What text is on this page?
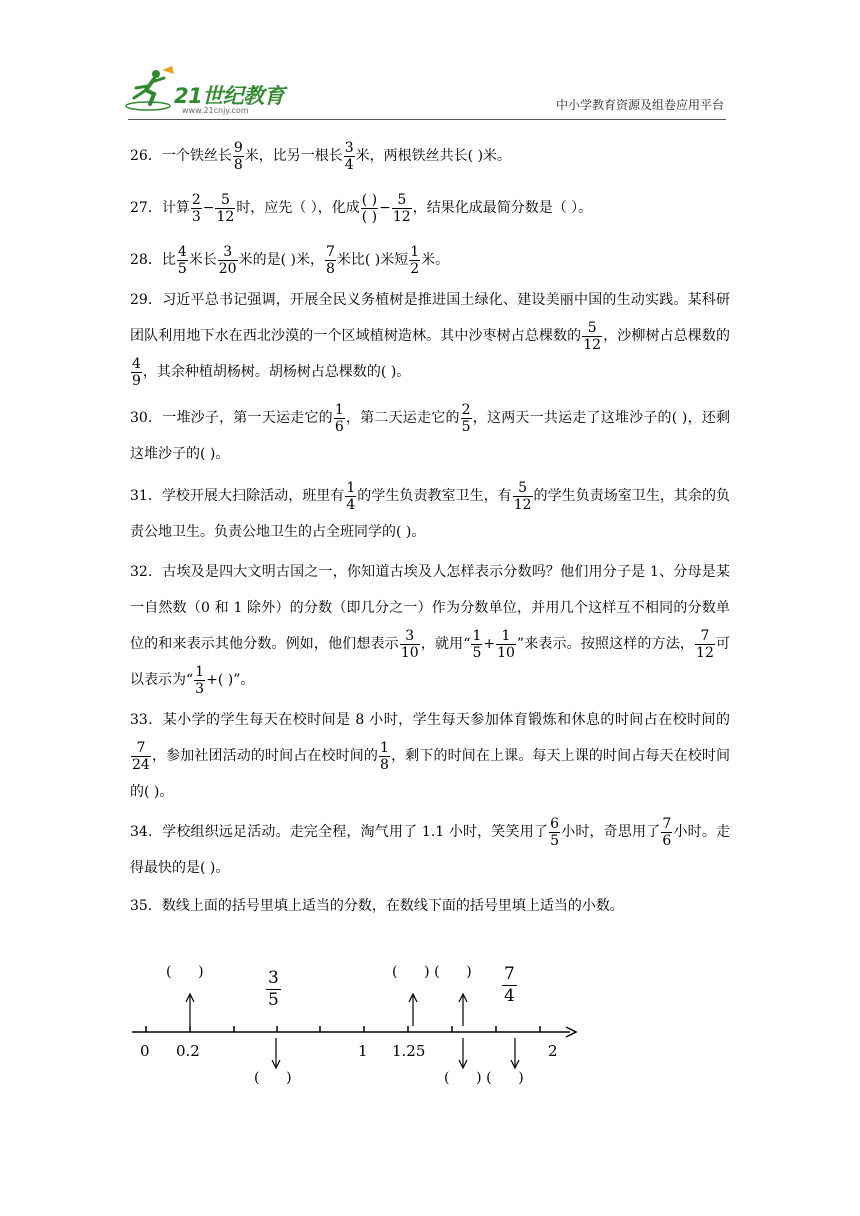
21世纪教育
www.21cnjy.com	中小学教育资源及组卷应用平台

26．一个铁丝长 $\frac{9}{8}$ 米，比另一根长 $\frac{3}{4}$ 米，两根铁丝共长( )米。

27．计算 $\frac{2}{3} - \frac{5}{12}$ 时，应先（ ），化成 $\frac{( )}{( )} - \frac{5}{12}$ ，结果化成最简分数是（ ）。

28．比 $\frac{4}{5}$ 米长 $\frac{3}{20}$ 米的是( )米， $\frac{7}{8}$ 米比( )米短 $\frac{1}{2}$ 米。

29．习近平总书记强调，开展全民义务植树是推进国土绿化、建设美丽中国的生动实践。某科研团队利用地下水在西北沙漠的一个区域植树造林。其中沙枣树占总棵数的 $\frac{5}{12}$ ，沙柳树占总棵数的
$\frac{4}{9}$ ，其余种植胡杨树。胡杨树占总棵数的( )。

30．一堆沙子，第一天运走它的 $\frac{1}{6}$ ，第二天运走它的 $\frac{2}{5}$ ，这两天一共运走了这堆沙子的( )，还剩这堆沙子的( )。

31．学校开展大扫除活动，班里有 $\frac{1}{4}$ 的学生负责教室卫生，有 $\frac{5}{12}$ 的学生负责场室卫生，其余的负责公地卫生。负责公地卫生的占全班同学的( )。

32．古埃及是四大文明古国之一，你知道古埃及人怎样表示分数吗？他们用分子是 1、分母是某一自然数（0 和 1 除外）的分数（即几分之一）作为分数单位，并用几个这样互不相同的分数单位的和来表示其他分数。例如，他们想表示 $\frac{3}{10}$ ，就用“ $\frac{1}{5} + \frac{1}{10}$ ”来表示。按照这样的方法， $\frac{7}{12}$ 可以表示为“ $\frac{1}{3}$ +( )”。

33．某小学的学生每天在校时间是 8 小时，学生每天参加体育锻炼和休息的时间占在校时间的
$\frac{7}{24}$ ，参加社团活动的时间占在校时间的 $\frac{1}{8}$ ，剩下的时间在上课。每天上课的时间占每天在校时间的( )。

34．学校组织远足活动。走完全程，淘气用了 1.1 小时，笑笑用了 $\frac{6}{5}$ 小时，奇思用了 $\frac{7}{6}$ 小时。走得最快的是( )。

35．数线上面的括号里填上适当的分数，在数线下面的括号里填上适当的小数。

0 0.2	1 1.25	2
$\frac{3}{5}$	$\frac{7}{4}$
(      )	(      ) (      )
(      )	(      ) (      )
